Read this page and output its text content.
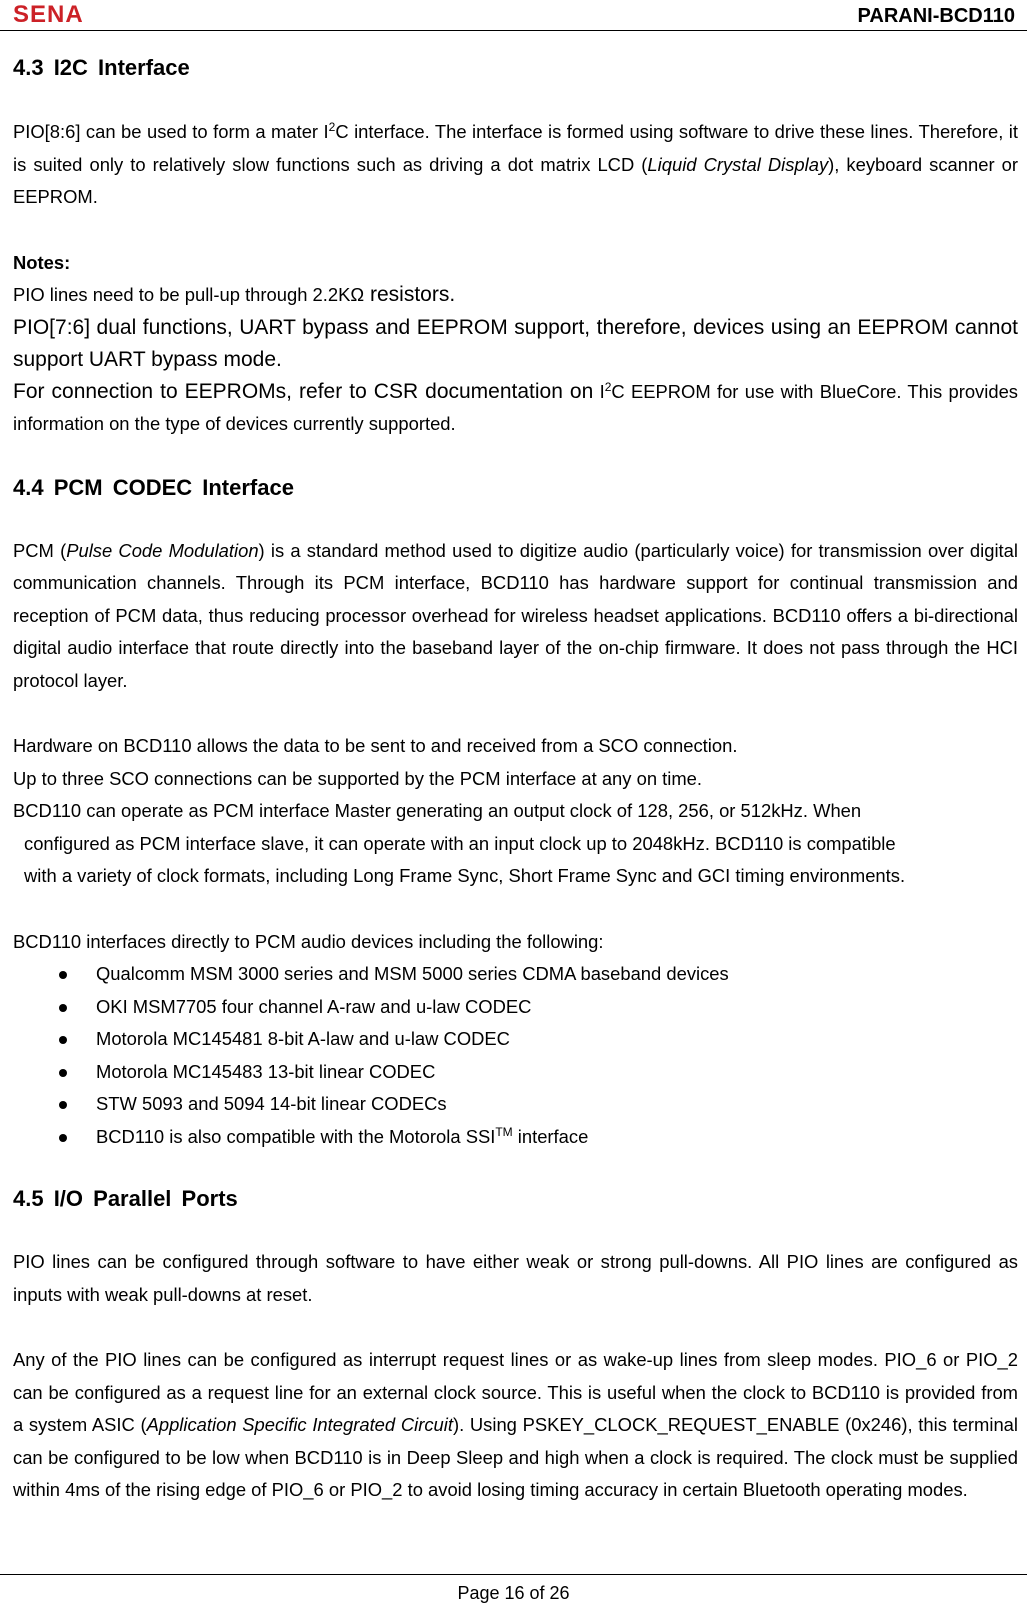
SENA	PARANI-BCD110
4.3 I2C Interface

PIO[8:6] can be used to form a mater $I^2C$ interface. The interface is formed using software to drive these lines. Therefore, it is suited only to relatively slow functions such as driving a dot matrix LCD (Liquid Crystal Display), keyboard scanner or EEPROM.

Notes:

PIO lines need to be pull-up through 2.2KΩ resistors.

PIO[7:6] dual functions, UART bypass and EEPROM support, therefore, devices using an EEPROM cannot support UART bypass mode.

For connection to EEPROMs, refer to CSR documentation on $I^2C$ EEPROM for use with BlueCore. This provides information on the type of devices currently supported.

4.4 PCM CODEC Interface

PCM (Pulse Code Modulation) is a standard method used to digitize audio (particularly voice) for transmission over digital communication channels. Through its PCM interface, BCD110 has hardware support for continual transmission and reception of PCM data, thus reducing processor overhead for wireless headset applications. BCD110 offers a bi-directional digital audio interface that route directly into the baseband layer of the on-chip firmware. It does not pass through the HCI protocol layer.

Hardware on BCD110 allows the data to be sent to and received from a SCO connection.

Up to three SCO connections can be supported by the PCM interface at any on time.

BCD110 can operate as PCM interface Master generating an output clock of 128, 256, or 512kHz. When

configured as PCM interface slave, it can operate with an input clock up to 2048kHz. BCD110 is compatible

with a variety of clock formats, including Long Frame Sync, Short Frame Sync and GCI timing environments.

BCD110 interfaces directly to PCM audio devices including the following:

Qualcomm MSM 3000 series and MSM 5000 series CDMA baseband devices
OKI MSM7705 four channel A-raw and u-law CODEC
Motorola MC145481 8-bit A-law and u-law CODEC
Motorola MC145483 13-bit linear CODEC
STW 5093 and 5094 14-bit linear CODECs
BCD110 is also compatible with the Motorola SSI™ interface
4.5 I/O Parallel Ports

PIO lines can be configured through software to have either weak or strong pull-downs. All PIO lines are configured as inputs with weak pull-downs at reset.

Any of the PIO lines can be configured as interrupt request lines or as wake-up lines from sleep modes. PIO_6 or PIO_2 can be configured as a request line for an external clock source. This is useful when the clock to BCD110 is provided from a system ASIC (Application Specific Integrated Circuit). Using PSKEY_CLOCK_REQUEST_ENABLE (0x246), this terminal can be configured to be low when BCD110 is in Deep Sleep and high when a clock is required. The clock must be supplied within 4ms of the rising edge of PIO_6 or PIO_2 to avoid losing timing accuracy in certain Bluetooth operating modes.

Page 16 of 26
